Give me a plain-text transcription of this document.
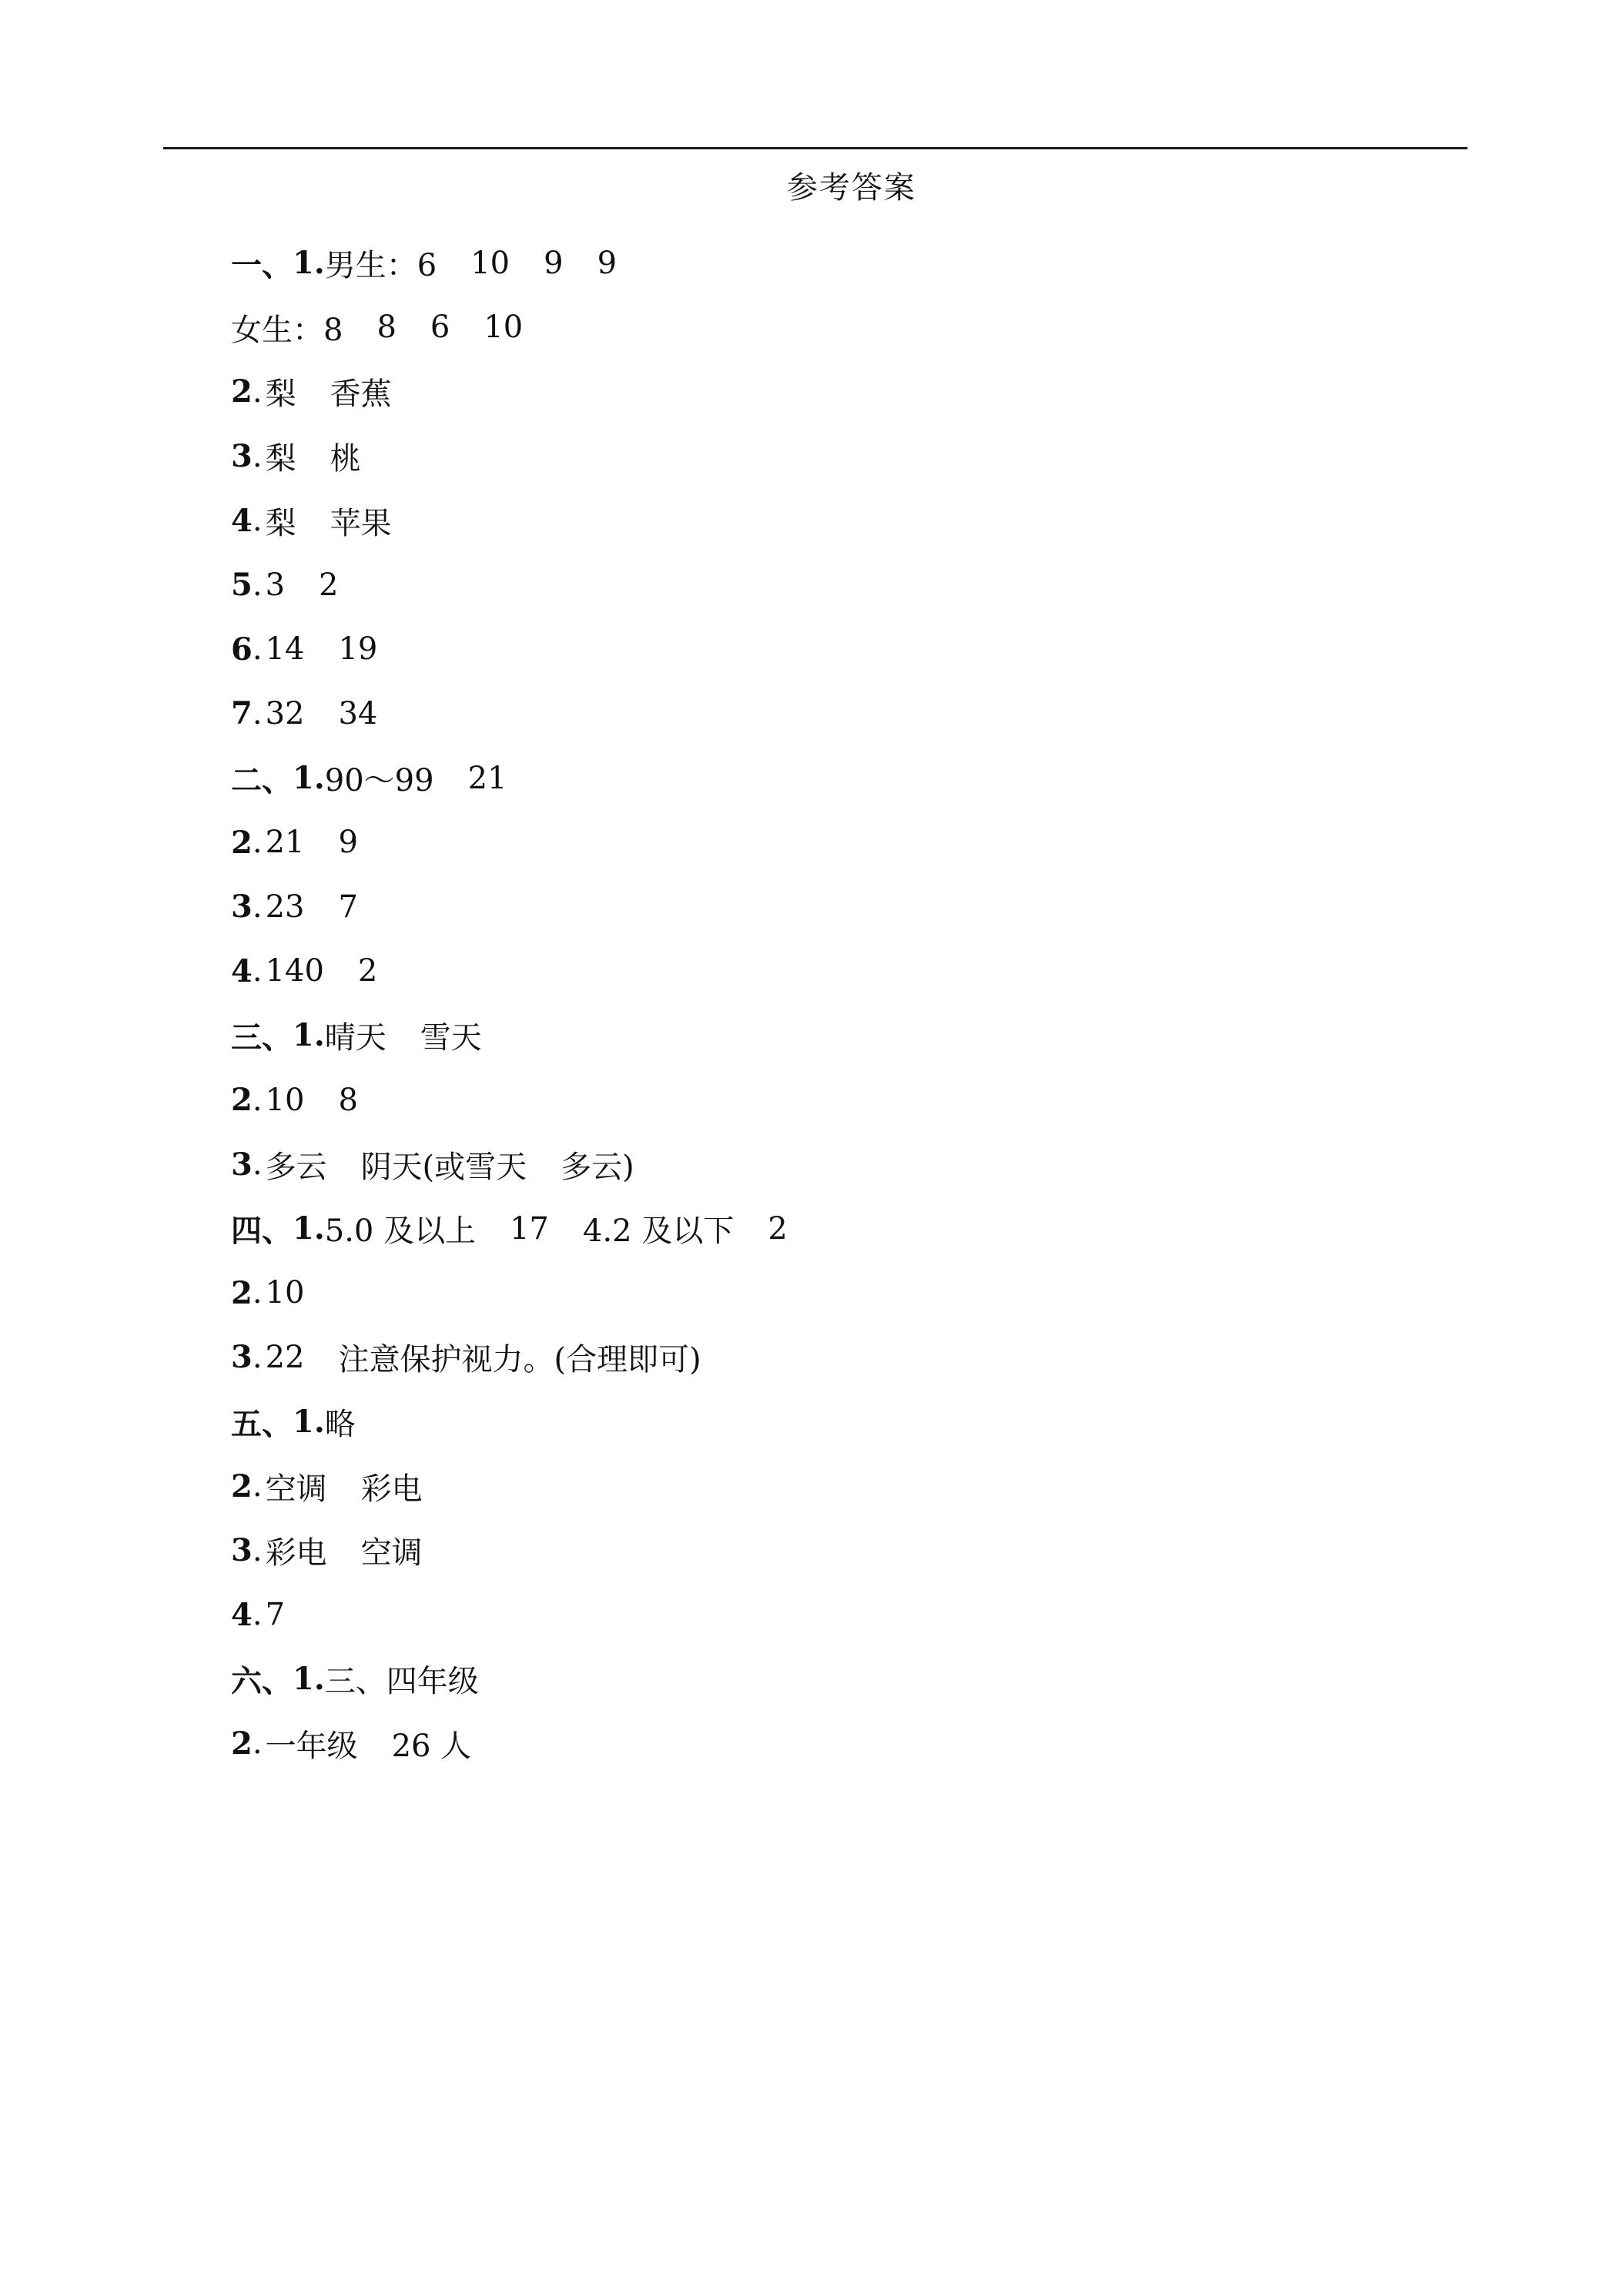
参考答案
一、 1. 男生：6 10 9 9
女生：8 8 6 10
2 . 梨 香蕉
3 . 梨 桃
4 . 梨 苹果
5 . 3 2
6 . 14 19
7 . 32 34
二、 1. 90～99 21
2 . 21 9
3 . 23 7
4 . 140 2
三、 1. 晴天 雪天
2 . 10 8
3 . 多云 阴天(或雪天 多云)
四、 1. 5.0 及以上 17 4.2 及以下 2
2 . 10
3 . 22 注意保护视力。(合理即可)
五、 1. 略
2 . 空调 彩电
3 . 彩电 空调
4 . 7
六、 1. 三、四年级
2 . 一年级 26 人
